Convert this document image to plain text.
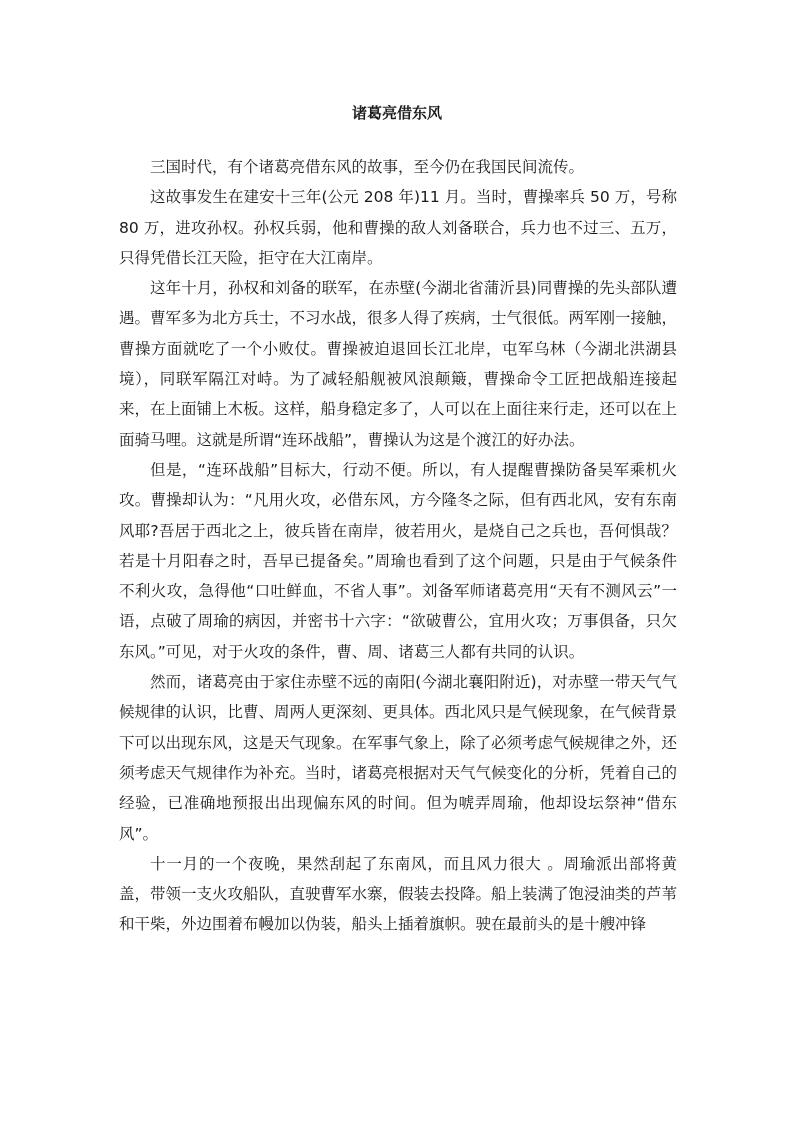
诸葛亮借东风

三国时代，有个诸葛亮借东风的故事，至今仍在我国民间流传。

这故事发生在建安十三年(公元 208 年)11 月。当时，曹操率兵 50 万，号称 80 万，进攻孙权。孙权兵弱，他和曹操的敌人刘备联合，兵力也不过三、五万，只得凭借长江天险，拒守在大江南岸。

这年十月，孙权和刘备的联军，在赤壁(今湖北省蒲沂县)同曹操的先头部队遭遇。曹军多为北方兵士，不习水战，很多人得了疾病，士气很低。两军刚一接触，曹操方面就吃了一个小败仗。曹操被迫退回长江北岸，屯军乌林（今湖北洪湖县境），同联军隔江对峙。为了减轻船舰被风浪颠簸，曹操命令工匠把战船连接起来，在上面铺上木板。这样，船身稳定多了，人可以在上面往来行走，还可以在上面骑马哩。这就是所谓“连环战船”，曹操认为这是个渡江的好办法。

但是，“连环战船”目标大，行动不便。所以，有人提醒曹操防备吴军乘机火攻。曹操却认为：“凡用火攻，必借东风，方今隆冬之际，但有西北风，安有东南风耶?吾居于西北之上，彼兵皆在南岸，彼若用火，是烧自己之兵也，吾何惧哉？若是十月阳春之时，吾早已提备矣。”周瑜也看到了这个问题，只是由于气候条件不利火攻，急得他“口吐鲜血，不省人事”。刘备军师诸葛亮用“天有不测风云”一语，点破了周瑜的病因，并密书十六字：“欲破曹公，宜用火攻；万事俱备，只欠东风。”可见，对于火攻的条件，曹、周、诸葛三人都有共同的认识。

然而，诸葛亮由于家住赤壁不远的南阳(今湖北襄阳附近)，对赤壁一带天气气候规律的认识，比曹、周两人更深刻、更具体。西北风只是气候现象，在气候背景下可以出现东风，这是天气现象。在军事气象上，除了必须考虑气候规律之外，还须考虑天气规律作为补充。当时，诸葛亮根据对天气气候变化的分析，凭着自己的经验，已准确地预报出出现偏东风的时间。但为唬弄周瑜，他却设坛祭神“借东风”。

十一月的一个夜晚，果然刮起了东南风，而且风力很大 。周瑜派出部将黄盖，带领一支火攻船队，直驶曹军水寨，假装去投降。船上装满了饱浸油类的芦苇和干柴，外边围着布幔加以伪装，船头上插着旗帜。驶在最前头的是十艘冲锋
